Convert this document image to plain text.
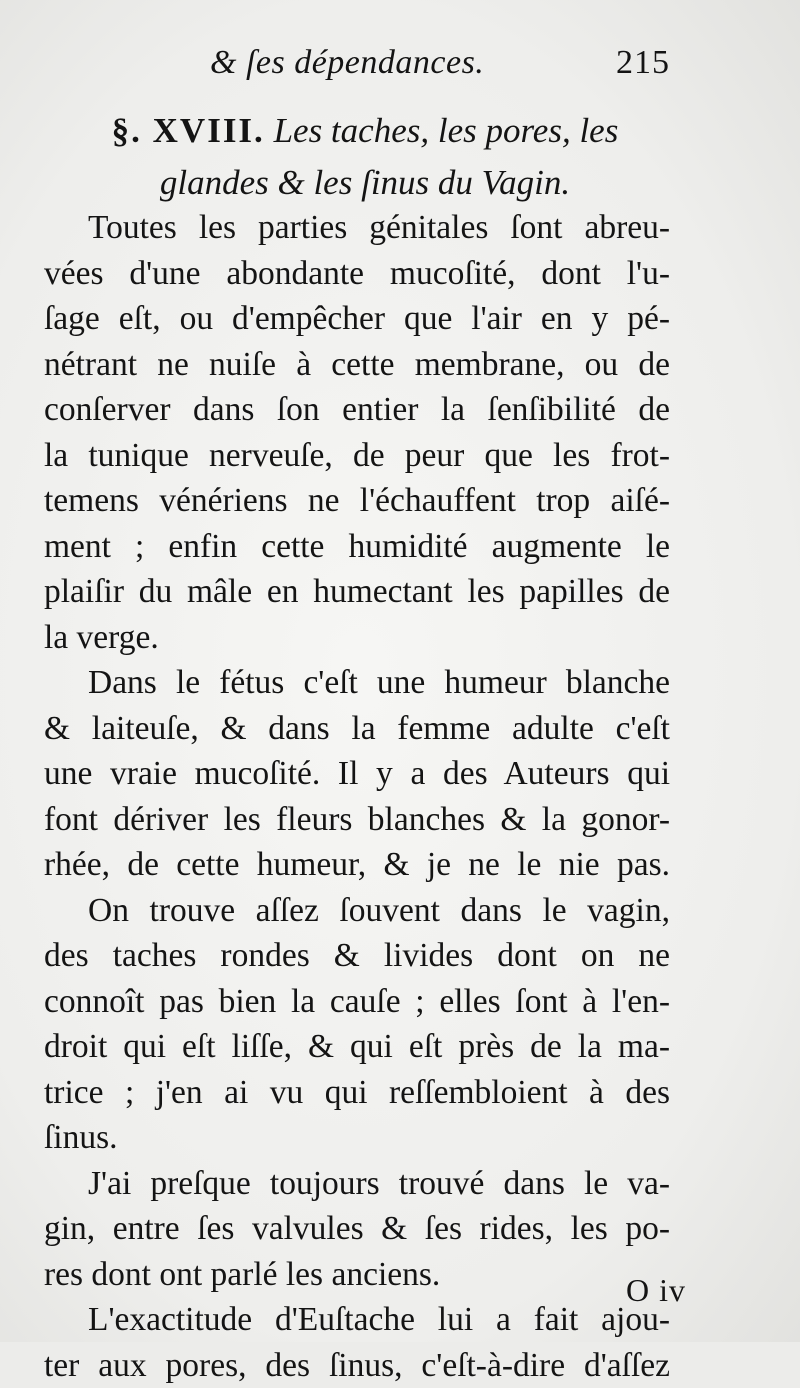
& ſes dépendances.	215
§. XVIII. Les taches, les pores, les
glandes & les ſinus du Vagin.
Toutes les parties génitales ſont abreu-
vées d'une abondante mucoſité, dont l'u-
ſage eſt, ou d'empêcher que l'air en y pé-
nétrant ne nuiſe à cette membrane, ou de
conſerver dans ſon entier la ſenſibilité de
la tunique nerveuſe, de peur que les frot-
temens vénériens ne l'échauffent trop aiſé-
ment ; enfin cette humidité augmente le
plaiſir du mâle en humectant les papilles de
la verge.
Dans le fétus c'eſt une humeur blanche
& laiteuſe, & dans la femme adulte c'eſt
une vraie mucoſité. Il y a des Auteurs qui
font dériver les fleurs blanches & la gonor-
rhée, de cette humeur, & je ne le nie pas.
On trouve aſſez ſouvent dans le vagin,
des taches rondes & livides dont on ne
connoît pas bien la cauſe ; elles ſont à l'en-
droit qui eſt liſſe, & qui eſt près de la ma-
trice ; j'en ai vu qui reſſembloient à des
ſinus.
J'ai preſque toujours trouvé dans le va-
gin, entre ſes valvules & ſes rides, les po-
res dont ont parlé les anciens.
L'exactitude d'Euſtache lui a fait ajou-
ter aux pores, des ſinus, c'eſt-à-dire d'aſſez
O iv
